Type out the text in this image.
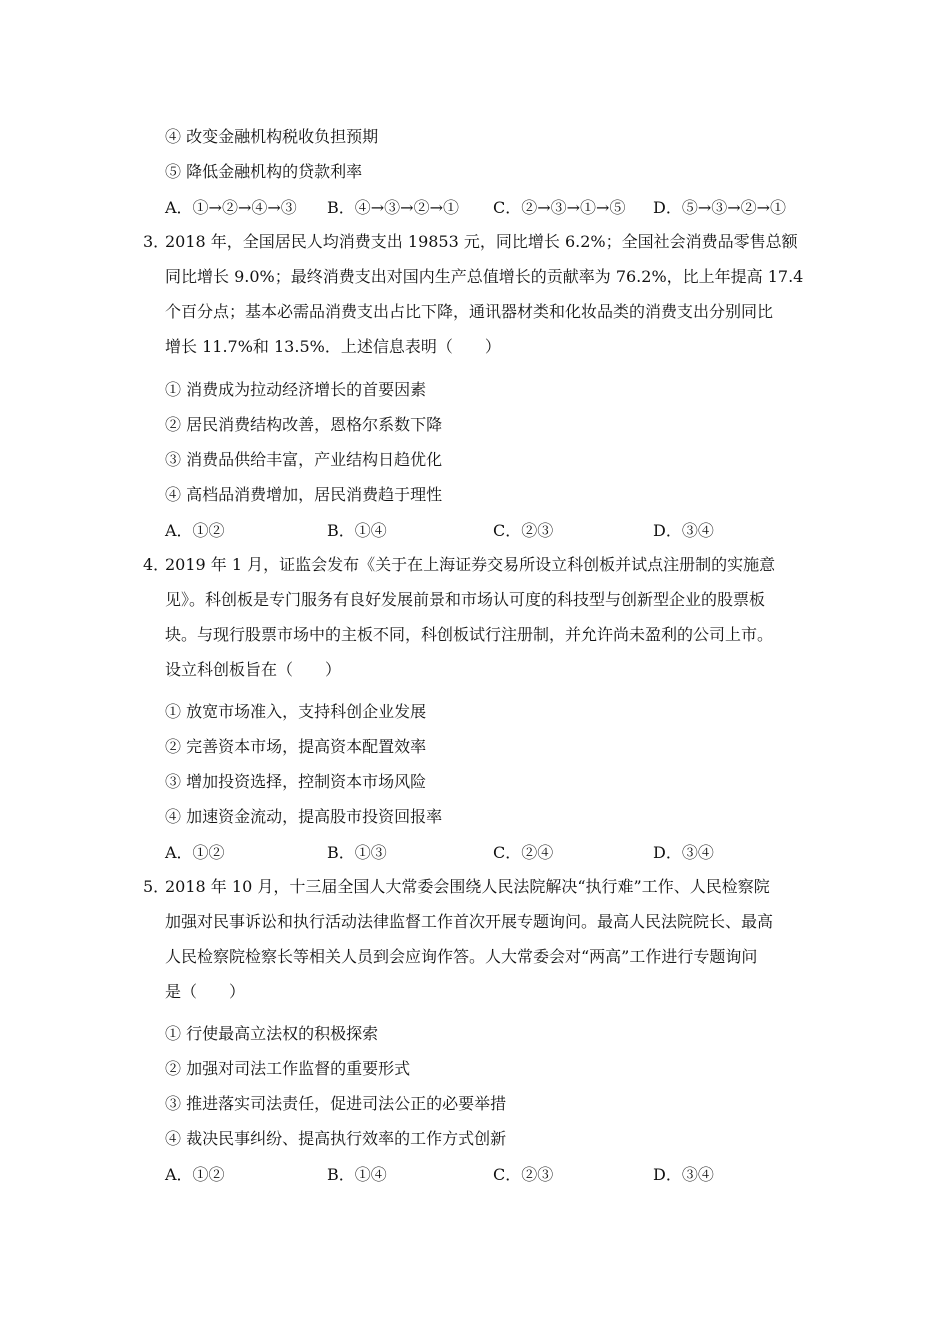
④ 改变金融机构税收负担预期
⑤ 降低金融机构的贷款利率
A．①→②→④→③ B．④→③→②→① C．②→③→①→⑤ D．⑤→③→②→①
3．
2018 年，全国居民人均消费支出 19853 元，同比增长 6.2%；全国社会消费品零售总额
同比增长 9.0%；最终消费支出对国内生产总值增长的贡献率为 76.2%，比上年提高 17.4
个百分点；基本必需品消费支出占比下降，通讯器材类和化妆品类的消费支出分别同比
增长 11.7%和 13.5%．上述信息表明（　　）
① 消费成为拉动经济增长的首要因素
② 居民消费结构改善，恩格尔系数下降
③ 消费品供给丰富，产业结构日趋优化
④ 高档品消费增加，居民消费趋于理性
A．①②	B．①④	C．②③	D．③④
4．
2019 年 1 月，证监会发布《关于在上海证券交易所设立科创板并试点注册制的实施意
见》。科创板是专门服务有良好发展前景和市场认可度的科技型与创新型企业的股票板
块。与现行股票市场中的主板不同，科创板试行注册制，并允许尚未盈利的公司上市。
设立科创板旨在（　　）
① 放宽市场准入，支持科创企业发展
② 完善资本市场，提高资本配置效率
③ 增加投资选择，控制资本市场风险
④ 加速资金流动，提高股市投资回报率
A．①②	B．①③	C．②④	D．③④
5．
2018 年 10 月，十三届全国人大常委会围绕人民法院解决“执行难”工作、人民检察院
加强对民事诉讼和执行活动法律监督工作首次开展专题询问。最高人民法院院长、最高
人民检察院检察长等相关人员到会应询作答。人大常委会对“两高”工作进行专题询问
是（　　）
① 行使最高立法权的积极探索
② 加强对司法工作监督的重要形式
③ 推进落实司法责任，促进司法公正的必要举措
④ 裁决民事纠纷、提高执行效率的工作方式创新
A．①②	B．①④	C．②③	D．③④
